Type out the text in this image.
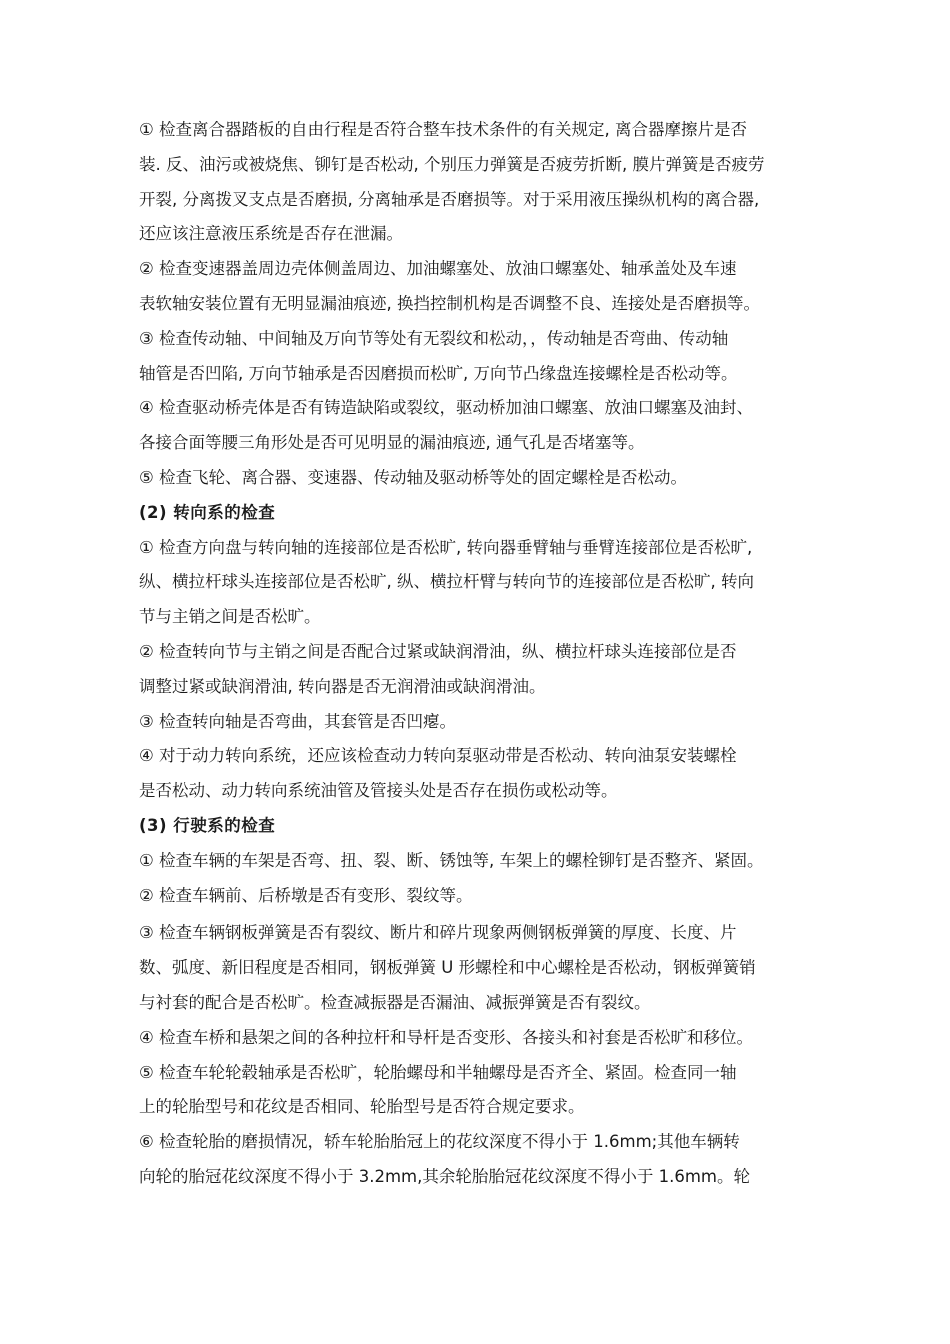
① 检查离合器踏板的自由行程是否符合整车技术条件的有关规定, 离合器摩擦片是否
装. 反、油污或被烧焦、铆钉是否松动, 个别压力弹簧是否疲劳折断, 膜片弹簧是否疲劳
开裂, 分离拨叉支点是否磨损, 分离轴承是否磨损等。对于采用液压操纵机构的离合器,
还应该注意液压系统是否存在泄漏。
② 检查变速器盖周边壳体侧盖周边、加油螺塞处、放油口螺塞处、轴承盖处及车速
表软轴安装位置有无明显漏油痕迹, 换挡控制机构是否调整不良、连接处是否磨损等。
③ 检查传动轴、中间轴及万向节等处有无裂纹和松动，，传动轴是否弯曲、传动轴
轴管是否凹陷, 万向节轴承是否因磨损而松旷, 万向节凸缘盘连接螺栓是否松动等。
④ 检查驱动桥壳体是否有铸造缺陷或裂纹，驱动桥加油口螺塞、放油口螺塞及油封、
各接合面等腰三角形处是否可见明显的漏油痕迹, 通气孔是否堵塞等。
⑤ 检查飞轮、离合器、变速器、传动轴及驱动桥等处的固定螺栓是否松动。
(2) 转向系的检查
① 检查方向盘与转向轴的连接部位是否松旷, 转向器垂臂轴与垂臂连接部位是否松旷,
纵、横拉杆球头连接部位是否松旷, 纵、横拉杆臂与转向节的连接部位是否松旷, 转向
节与主销之间是否松旷。
② 检查转向节与主销之间是否配合过紧或缺润滑油，纵、横拉杆球头连接部位是否
调整过紧或缺润滑油, 转向器是否无润滑油或缺润滑油。
③ 检查转向轴是否弯曲，其套管是否凹瘪。
④ 对于动力转向系统，还应该检查动力转向泵驱动带是否松动、转向油泵安装螺栓
是否松动、动力转向系统油管及管接头处是否存在损伤或松动等。
(3) 行驶系的检查
① 检查车辆的车架是否弯、扭、裂、断、锈蚀等, 车架上的螺栓铆钉是否整齐、紧固。
② 检查车辆前、后桥墩是否有变形、裂纹等。
③ 检查车辆钢板弹簧是否有裂纹、断片和碎片现象两侧钢板弹簧的厚度、长度、片
数、弧度、新旧程度是否相同，钢板弹簧 U 形螺栓和中心螺栓是否松动，钢板弹簧销
与衬套的配合是否松旷。检查减振器是否漏油、减振弹簧是否有裂纹。
④ 检查车桥和悬架之间的各种拉杆和导杆是否变形、各接头和衬套是否松旷和移位。
⑤ 检查车轮轮毂轴承是否松旷，轮胎螺母和半轴螺母是否齐全、紧固。检查同一轴
上的轮胎型号和花纹是否相同、轮胎型号是否符合规定要求。
⑥ 检查轮胎的磨损情况，轿车轮胎胎冠上的花纹深度不得小于 1.6mm;其他车辆转
向轮的胎冠花纹深度不得小于 3.2mm,其余轮胎胎冠花纹深度不得小于 1.6mm。轮
